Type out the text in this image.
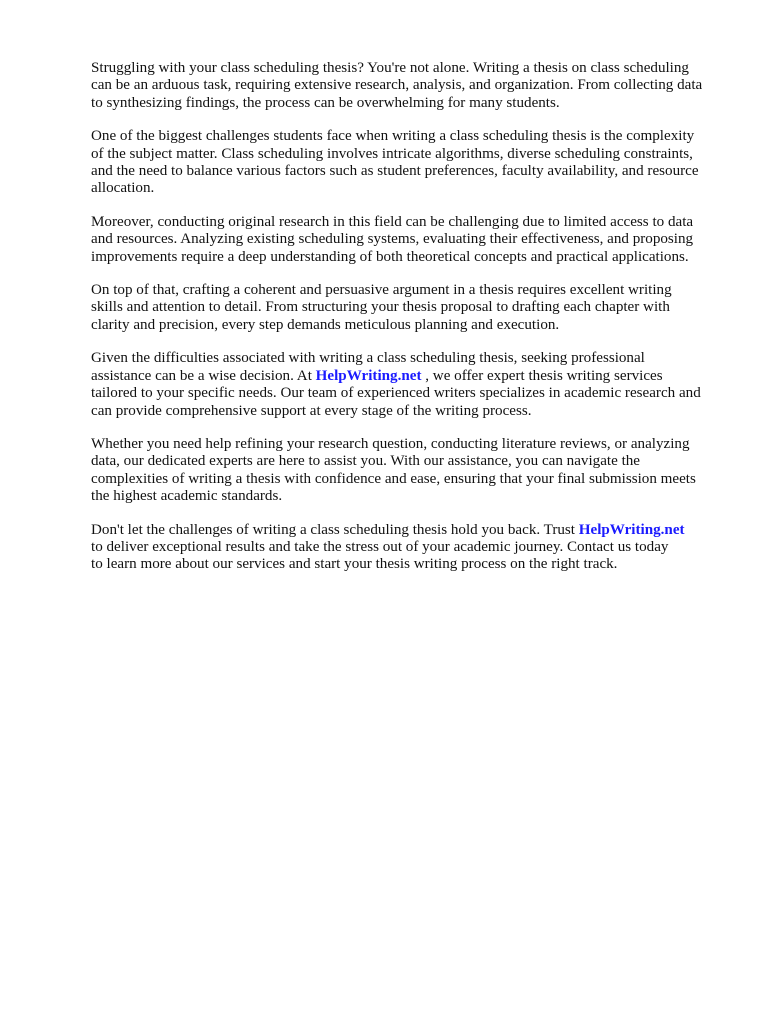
Struggling with your class scheduling thesis? You're not alone. Writing a thesis on class scheduling
can be an arduous task, requiring extensive research, analysis, and organization. From collecting data
to synthesizing findings, the process can be overwhelming for many students.

One of the biggest challenges students face when writing a class scheduling thesis is the complexity
of the subject matter. Class scheduling involves intricate algorithms, diverse scheduling constraints,
and the need to balance various factors such as student preferences, faculty availability, and resource
allocation.

Moreover, conducting original research in this field can be challenging due to limited access to data
and resources. Analyzing existing scheduling systems, evaluating their effectiveness, and proposing
improvements require a deep understanding of both theoretical concepts and practical applications.

On top of that, crafting a coherent and persuasive argument in a thesis requires excellent writing
skills and attention to detail. From structuring your thesis proposal to drafting each chapter with
clarity and precision, every step demands meticulous planning and execution.

Given the difficulties associated with writing a class scheduling thesis, seeking professional
assistance can be a wise decision. At HelpWriting.net , we offer expert thesis writing services
tailored to your specific needs. Our team of experienced writers specializes in academic research and
can provide comprehensive support at every stage of the writing process.

Whether you need help refining your research question, conducting literature reviews, or analyzing
data, our dedicated experts are here to assist you. With our assistance, you can navigate the
complexities of writing a thesis with confidence and ease, ensuring that your final submission meets
the highest academic standards.

Don't let the challenges of writing a class scheduling thesis hold you back. Trust HelpWriting.net
to deliver exceptional results and take the stress out of your academic journey. Contact us today
to learn more about our services and start your thesis writing process on the right track.
